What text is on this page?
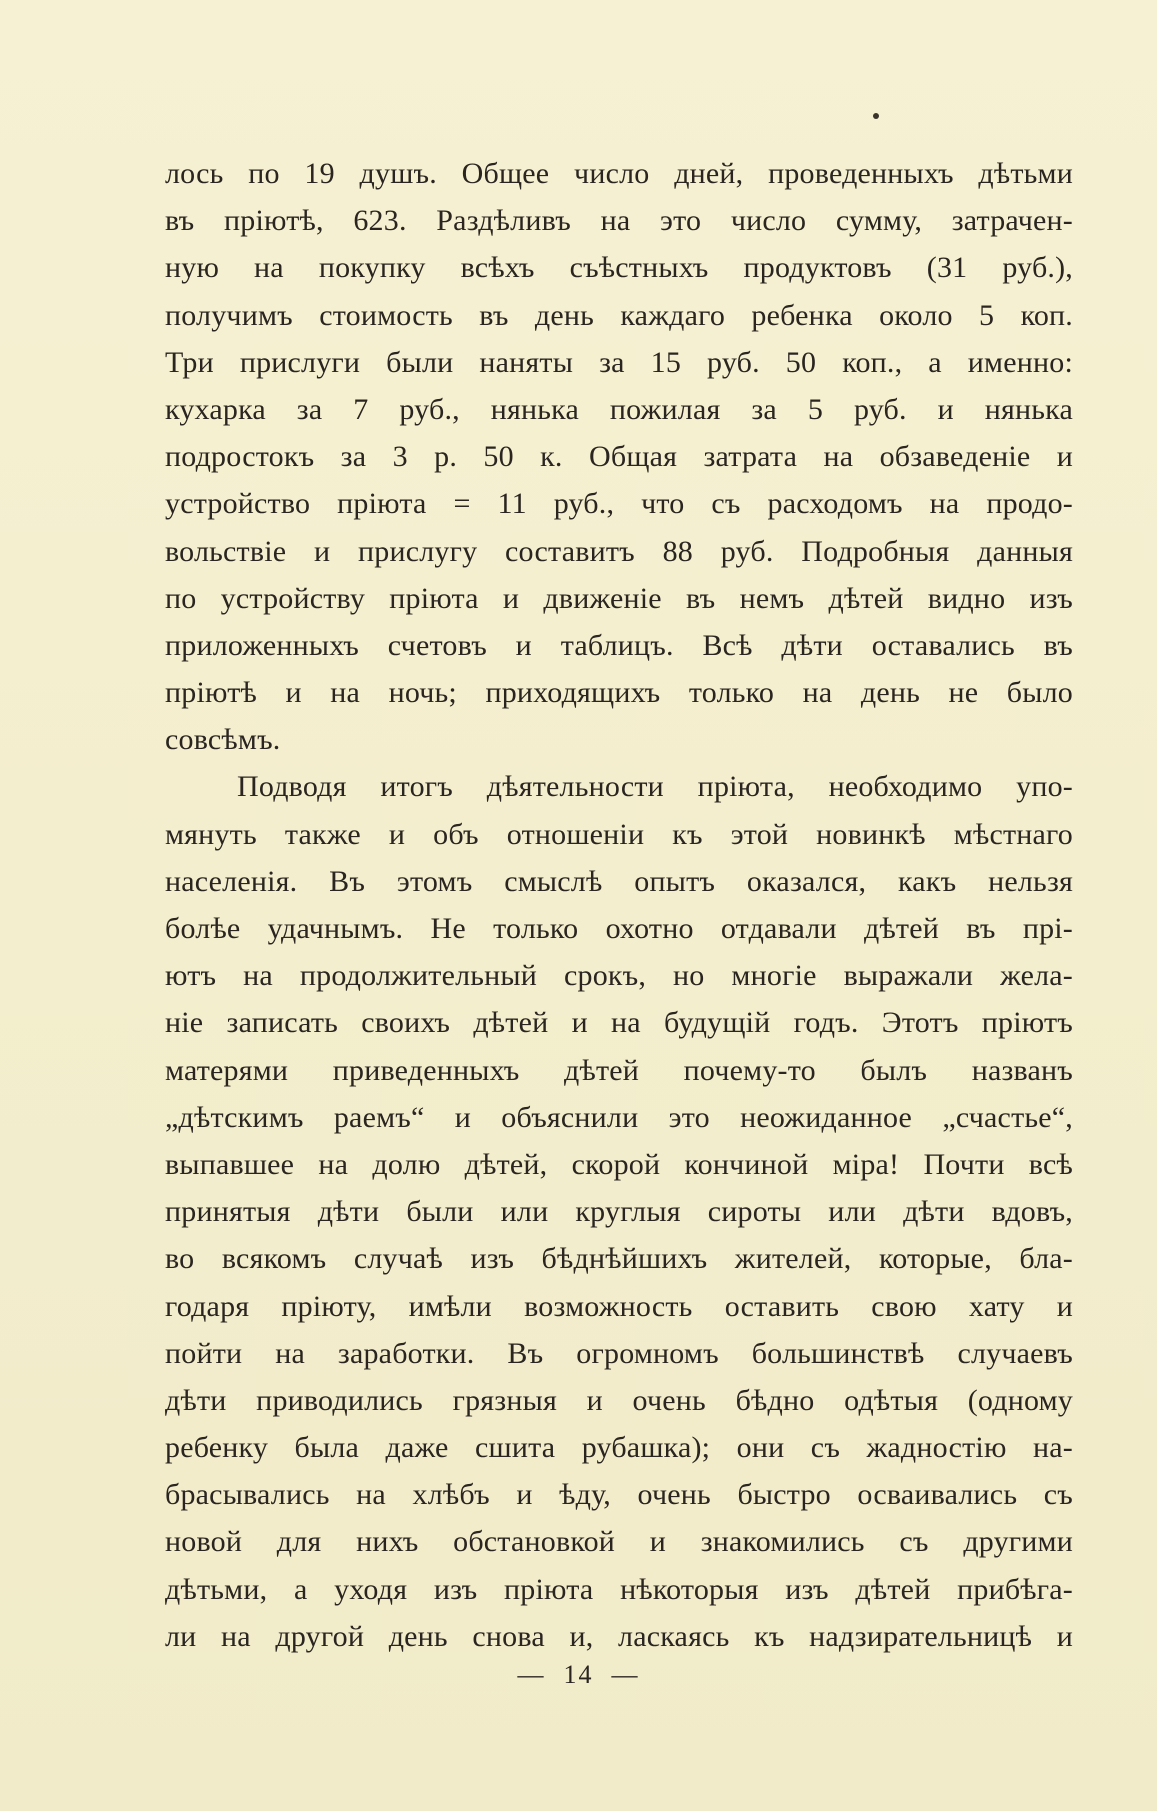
лось по 19 душъ. Общее число дней, проведенныхъ дѣтьми
въ пріютѣ, 623. Раздѣливъ на это число сумму, затрачен-
ную на покупку всѣхъ съѣстныхъ продуктовъ (31 руб.),
получимъ стоимость въ день каждаго ребенка около 5 коп.
Три прислуги были наняты за 15 руб. 50 коп., а именно:
кухарка за 7 руб., нянька пожилая за 5 руб. и нянька
подростокъ за 3 р. 50 к. Общая затрата на обзаведеніе и
устройство пріюта = 11 руб., что съ расходомъ на продо-
вольствіе и прислугу составитъ 88 руб. Подробныя данныя
по устройству пріюта и движеніе въ немъ дѣтей видно изъ
приложенныхъ счетовъ и таблицъ. Всѣ дѣти оставались въ
пріютѣ и на ночь; приходящихъ только на день не было
совсѣмъ.
Подводя итогъ дѣятельности пріюта, необходимо упо-
мянуть также и объ отношеніи къ этой новинкѣ мѣстнаго
населенія. Въ этомъ смыслѣ опытъ оказался, какъ нельзя
болѣе удачнымъ. Не только охотно отдавали дѣтей въ прі-
ютъ на продолжительный срокъ, но многіе выражали жела-
ніе записать своихъ дѣтей и на будущій годъ. Этотъ пріютъ
матерями приведенныхъ дѣтей почему-то былъ названъ
„дѣтскимъ раемъ“ и объяснили это неожиданное „счастье“,
выпавшее на долю дѣтей, скорой кончиной міра! Почти всѣ
принятыя дѣти были или круглыя сироты или дѣти вдовъ,
во всякомъ случаѣ изъ бѣднѣйшихъ жителей, которые, бла-
годаря пріюту, имѣли возможность оставить свою хату и
пойти на заработки. Въ огромномъ большинствѣ случаевъ
дѣти приводились грязныя и очень бѣдно одѣтыя (одному
ребенку была даже сшита рубашка); они съ жадностію на-
брасывались на хлѣбъ и ѣду, очень быстро осваивались съ
новой для нихъ обстановкой и знакомились съ другими
дѣтьми, а уходя изъ пріюта нѣкоторыя изъ дѣтей прибѣга-
ли на другой день снова и, ласкаясь къ надзирательницѣ и
— 14 —
